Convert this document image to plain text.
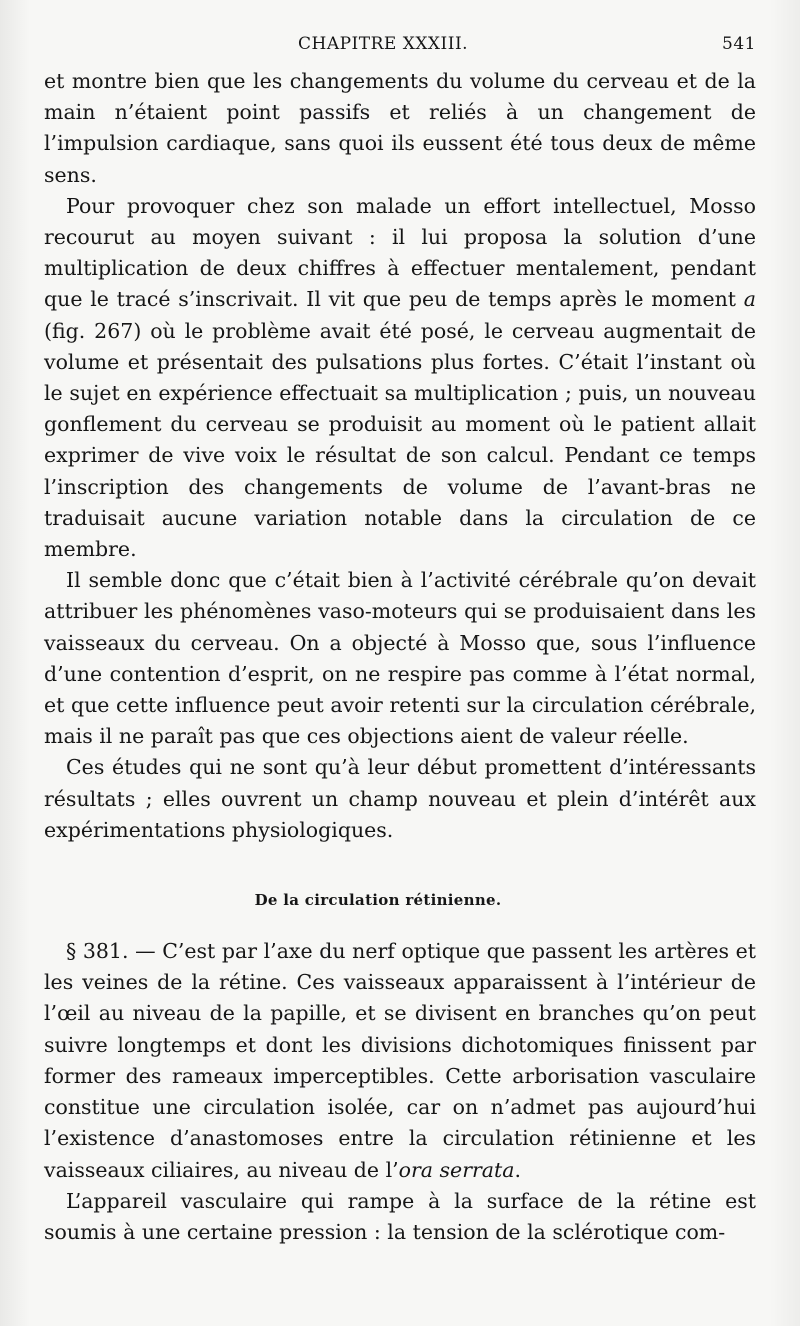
CHAPITRE XXXIII.	541

et montre bien que les changements du volume du cerveau et de la main n’étaient point passifs et reliés à un changement de l’impulsion cardiaque, sans quoi ils eussent été tous deux de même sens.

Pour provoquer chez son malade un effort intellectuel, Mosso recourut au moyen suivant : il lui proposa la solution d’une multiplication de deux chiffres à effectuer mentalement, pendant que le tracé s’inscrivait. Il vit que peu de temps après le moment a (fig. 267) où le problème avait été posé, le cerveau augmentait de volume et présentait des pulsations plus fortes. C’était l’instant où le sujet en expérience effectuait sa multiplication ; puis, un nouveau gonflement du cerveau se produisit au moment où le patient allait exprimer de vive voix le résultat de son calcul. Pendant ce temps l’inscription des changements de volume de l’avant-bras ne traduisait aucune variation notable dans la circulation de ce membre.

Il semble donc que c’était bien à l’activité cérébrale qu’on devait attribuer les phénomènes vaso-moteurs qui se produisaient dans les vaisseaux du cerveau. On a objecté à Mosso que, sous l’influence d’une contention d’esprit, on ne respire pas comme à l’état normal, et que cette influence peut avoir retenti sur la circulation cérébrale, mais il ne paraît pas que ces objections aient de valeur réelle.

Ces études qui ne sont qu’à leur début promettent d’intéressants résultats ; elles ouvrent un champ nouveau et plein d’intérêt aux expérimentations physiologiques.

De la circulation rétinienne.

§ 381. — C’est par l’axe du nerf optique que passent les artères et les veines de la rétine. Ces vaisseaux apparaissent à l’intérieur de l’œil au niveau de la papille, et se divisent en branches qu’on peut suivre longtemps et dont les divisions dichotomiques finissent par former des rameaux imperceptibles. Cette arborisation vasculaire constitue une circulation isolée, car on n’admet pas aujourd’hui l’existence d’anastomoses entre la circulation rétinienne et les vaisseaux ciliaires, au niveau de l’ora serrata.

L’appareil vasculaire qui rampe à la surface de la rétine est soumis à une certaine pression : la tension de la sclérotique com-
